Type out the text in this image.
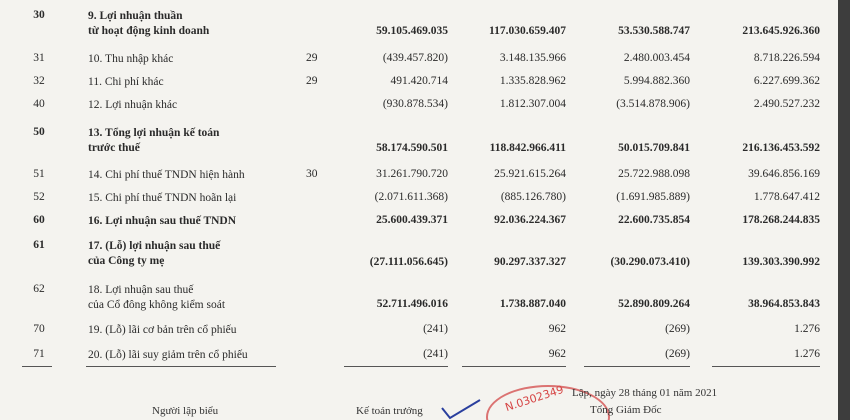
30	9. Lợi nhuận thuần
từ hoạt động kinh doanh	59.105.469.035	117.030.659.407	53.530.588.747	213.645.926.360
31	10. Thu nhập khác	29	(439.457.820)	3.148.135.966	2.480.003.454	8.718.226.594
32	11. Chi phí khác	29	491.420.714	1.335.828.962	5.994.882.360	6.227.699.362
40	12. Lợi nhuận khác	(930.878.534)	1.812.307.004	(3.514.878.906)	2.490.527.232
50	13. Tổng lợi nhuận kế toán
trước thuế	58.174.590.501	118.842.966.411	50.015.709.841	216.136.453.592
51	14. Chi phí thuế TNDN hiện hành	30	31.261.790.720	25.921.615.264	25.722.988.098	39.646.856.169
52	15. Chi phí thuế TNDN hoãn lại	(2.071.611.368)	(885.126.780)	(1.691.985.889)	1.778.647.412
60	16. Lợi nhuận sau thuế TNDN	25.600.439.371	92.036.224.367	22.600.735.854	178.268.244.835
61	17. (Lỗ) lợi nhuận sau thuế
của Công ty mẹ	(27.111.056.645)	90.297.337.327	(30.290.073.410)	139.303.390.992
62	18. Lợi nhuận sau thuế
của Cổ đông không kiểm soát	52.711.496.016	1.738.887.040	52.890.809.264	38.964.853.843
70	19. (Lỗ) lãi cơ bản trên cổ phiếu	(241)	962	(269)	1.276
71	20. (Lỗ) lãi suy giảm trên cổ phiếu	(241)	962	(269)	1.276
N.0302349 Lập, ngày 28 tháng 01 năm 2021
Người lập biểu	Kế toán trưởng	Tổng Giám Đốc
